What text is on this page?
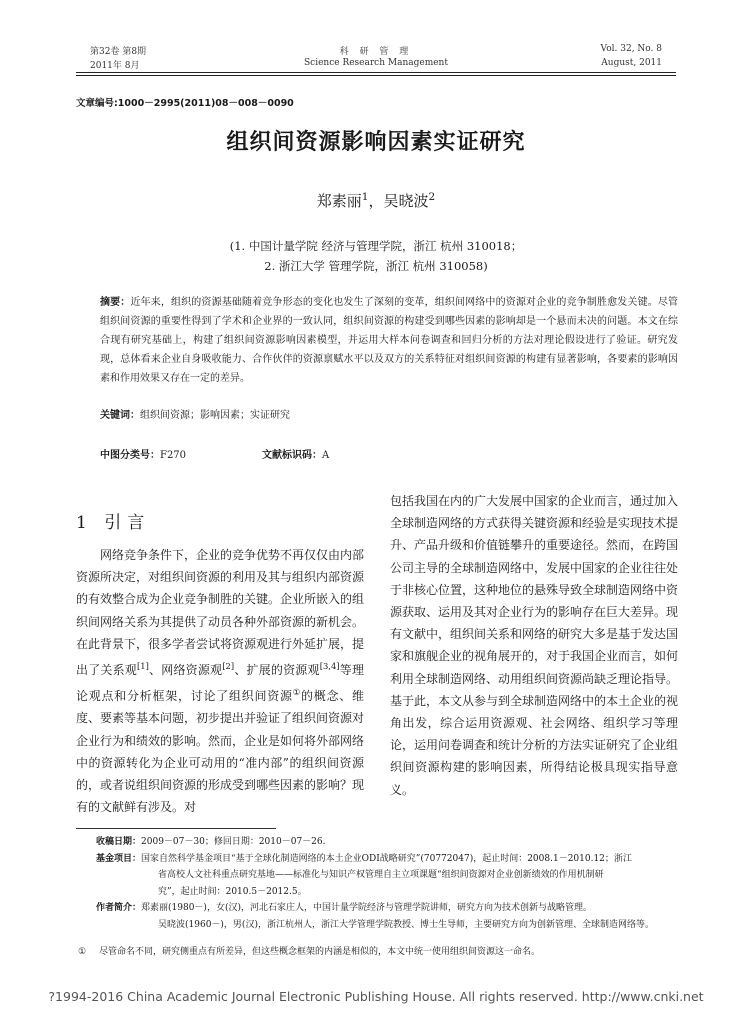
第32卷 第8期
2011年 8月
科 研 管 理
Science Research Management
Vol. 32, No. 8
August, 2011
文章编号:1000－2995(2011)08－008－0090
组织间资源影响因素实证研究
郑素丽$^1$，吴晓波$^2$
(1. 中国计量学院 经济与管理学院，浙江 杭州 310018；
2. 浙江大学 管理学院，浙江 杭州 310058)
摘要：近年来，组织的资源基础随着竞争形态的变化也发生了深刻的变革，组织间网络中的资源对企业的竞争制胜愈发关键。尽管组织间资源的重要性得到了学术和企业界的一致认同，组织间资源的构建受到哪些因素的影响却是一个悬而未决的问题。本文在综合现有研究基础上，构建了组织间资源影响因素模型，并运用大样本问卷调查和回归分析的方法对理论假设进行了验证。研究发现，总体看来企业自身吸收能力、合作伙伴的资源禀赋水平以及双方的关系特征对组织间资源的构建有显著影响，各要素的影响因素和作用效果又存在一定的差异。
关键词：组织间资源；影响因素；实证研究
中图分类号：F270	文献标识码：A
1 引言

网络竞争条件下，企业的竞争优势不再仅仅由内部资源所决定，对组织间资源的利用及其与组织内部资源的有效整合成为企业竞争制胜的关键。企业所嵌入的组织间网络关系为其提供了动员各种外部资源的新机会。在此背景下，很多学者尝试将资源观进行外延扩展，提出了关系观[1]、网络资源观[2]、扩展的资源观[3,4]等理论观点和分析框架，讨论了组织间资源①的概念、维度、要素等基本问题，初步提出并验证了组织间资源对企业行为和绩效的影响。然而，企业是如何将外部网络中的资源转化为企业可动用的“准内部”的组织间资源的，或者说组织间资源的形成受到哪些因素的影响？现有的文献鲜有涉及。对

包括我国在内的广大发展中国家的企业而言，通过加入全球制造网络的方式获得关键资源和经验是实现技术提升、产品升级和价值链攀升的重要途径。然而，在跨国公司主导的全球制造网络中，发展中国家的企业往往处于非核心位置，这种地位的悬殊导致全球制造网络中资源获取、运用及其对企业行为的影响存在巨大差异。现有文献中，组织间关系和网络的研究大多是基于发达国家和旗舰企业的视角展开的，对于我国企业而言，如何利用全球制造网络、动用组织间资源尚缺乏理论指导。基于此，本文从参与到全球制造网络中的本土企业的视角出发，综合运用资源观、社会网络、组织学习等理论，运用问卷调查和统计分析的方法实证研究了企业组织间资源构建的影响因素，所得结论极具现实指导意义。

收稿日期： 2009－07－30；修回日期：2010－07－26.
基金项目： 国家自然科学基金项目“基于全球化制造网络的本土企业ODI战略研究”(70772047)，起止时间：2008.1－2010.12；浙江
省高校人文社科重点研究基地——标准化与知识产权管理自主立项课题“组织间资源对企业创新绩效的作用机制研
究”，起止时间：2010.5－2012.5。
作者简介： 郑素丽(1980－)，女(汉)，河北石家庄人，中国计量学院经济与管理学院讲师，研究方向为技术创新与战略管理。
吴晓波(1960－)，男(汉)，浙江杭州人，浙江大学管理学院教授、博士生导师，主要研究方向为创新管理、全球制造网络等。
① 尽管命名不同，研究侧重点有所差异，但这些概念框架的内涵是相似的，本文中统一使用组织间资源这一命名。
?1994-2016 China Academic Journal Electronic Publishing House. All rights reserved. http://www.cnki.net
